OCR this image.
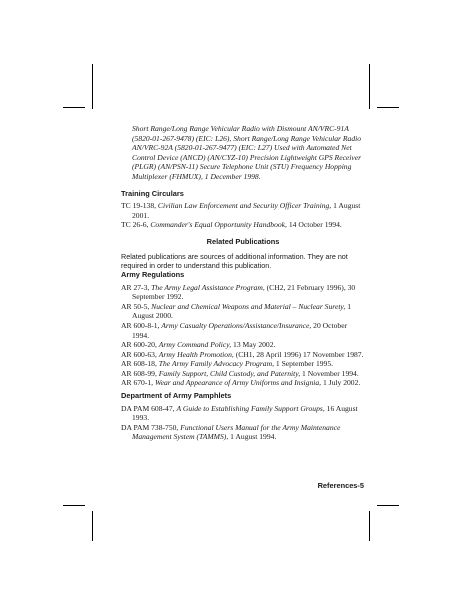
Short Range/Long Range Vehicular Radio with Dismount AN/VRC-91A (5820-01-267-9478) (EIC: L26), Short Range/Long Range Vehicular Radio AN/VRC-92A (5820-01-267-9477) (EIC: L27) Used with Automated Net Control Device (ANCD) (AN/CYZ-10) Precision Lightweight GPS Receiver (PLGR) (AN/PSN-11) Secure Telephone Unit (STU) Frequency Hopping Multiplexer (FHMUX), 1 December 1998.
Training Circulars
TC 19-138, Civilian Law Enforcement and Security Officer Training, 1 August 2001.
TC 26-6, Commander's Equal Opportunity Handbook, 14 October 1994.
Related Publications
Related publications are sources of additional information. They are not required in order to understand this publication.
Army Regulations
AR 27-3, The Army Legal Assistance Program, (CH2, 21 February 1996), 30 September 1992.
AR 50-5, Nuclear and Chemical Weapons and Material – Nuclear Surety, 1 August 2000.
AR 600-8-1, Army Casualty Operations/Assistance/Insurance, 20 October 1994.
AR 600-20, Army Command Policy, 13 May 2002.
AR 600-63, Army Health Promotion, (CH1, 28 April 1996) 17 November 1987.
AR 608-18, The Army Family Advocacy Program, 1 September 1995.
AR 608-99, Family Support, Child Custody, and Paternity, 1 November 1994.
AR 670-1, Wear and Appearance of Army Uniforms and Insignia, 1 July 2002.
Department of Army Pamphlets
DA PAM 608-47, A Guide to Establishing Family Support Groups, 16 August 1993.
DA PAM 738-750, Functional Users Manual for the Army Maintenance Management System (TAMMS), 1 August 1994.
References-5
